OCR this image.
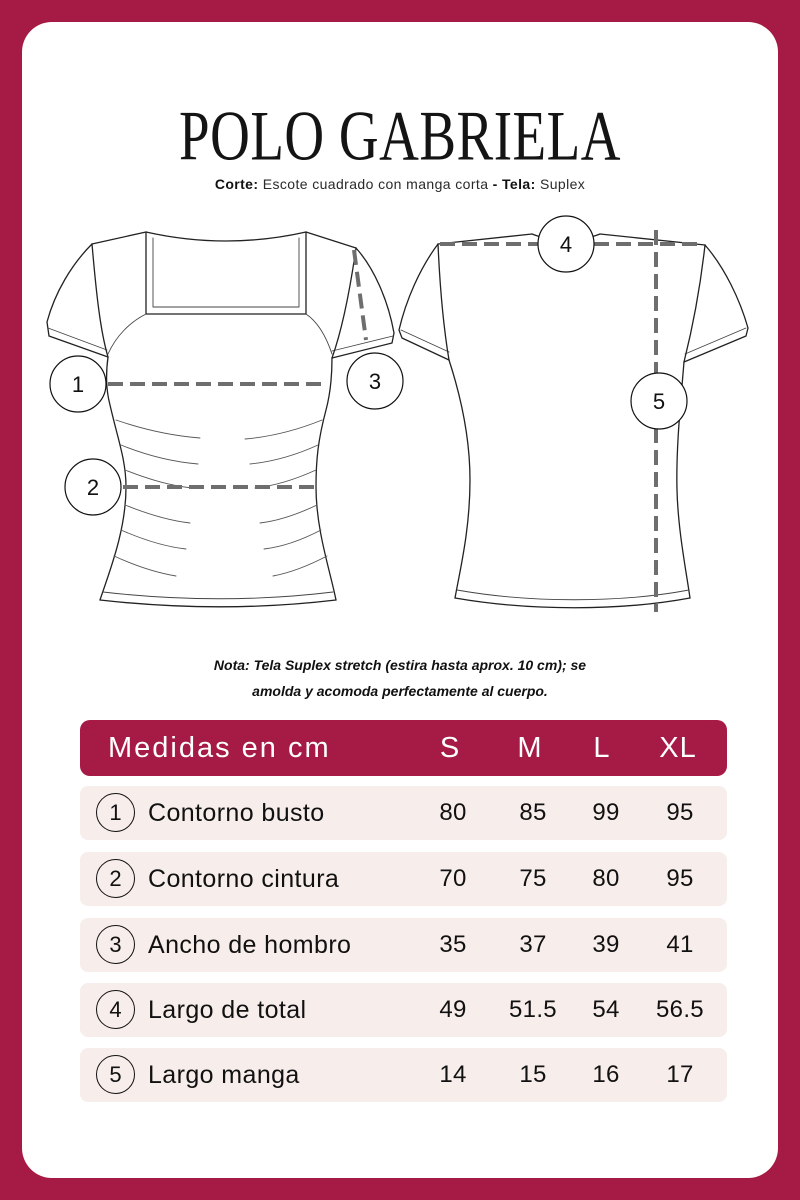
POLO GABRIELA
Corte: Escote cuadrado con manga corta - Tela: Suplex
1
2
3
4
5
Nota: Tela Suplex stretch (estira hasta aprox. 10 cm); se
amolda y acomoda perfectamente al cuerpo.
Medidas en cm	S	M	L	XL
1	Contorno busto	80	85	99	95
2	Contorno cintura	70	75	80	95
3	Ancho de hombro	35	37	39	41
4	Largo de total	49	51.5	54	56.5
5	Largo manga	14	15	16	17
